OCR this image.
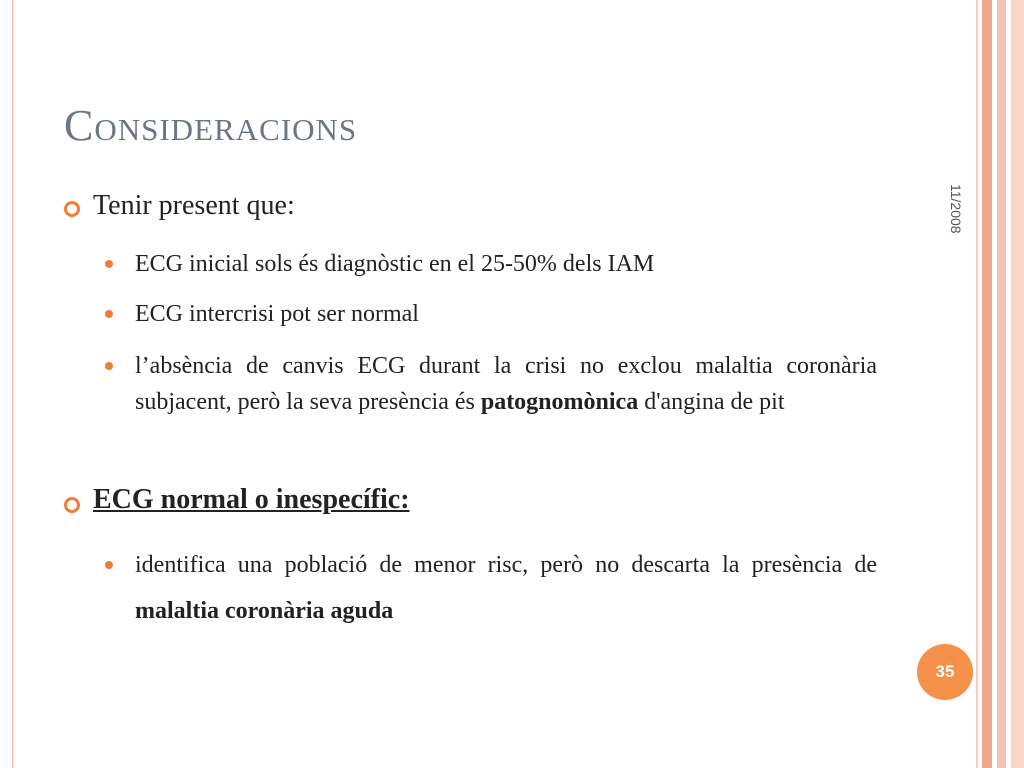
Consideracions
11/2008
Tenir present que:
ECG inicial sols és diagnòstic en el 25-50% dels IAM
ECG intercrisi pot ser normal
l’absència de canvis ECG durant la crisi no exclou malaltia coronària subjacent, però la seva presència és patognomònica d'angina de pit
ECG normal o inespecífic:
identifica una població de menor risc, però no descarta la presència de malaltia coronària aguda
35
